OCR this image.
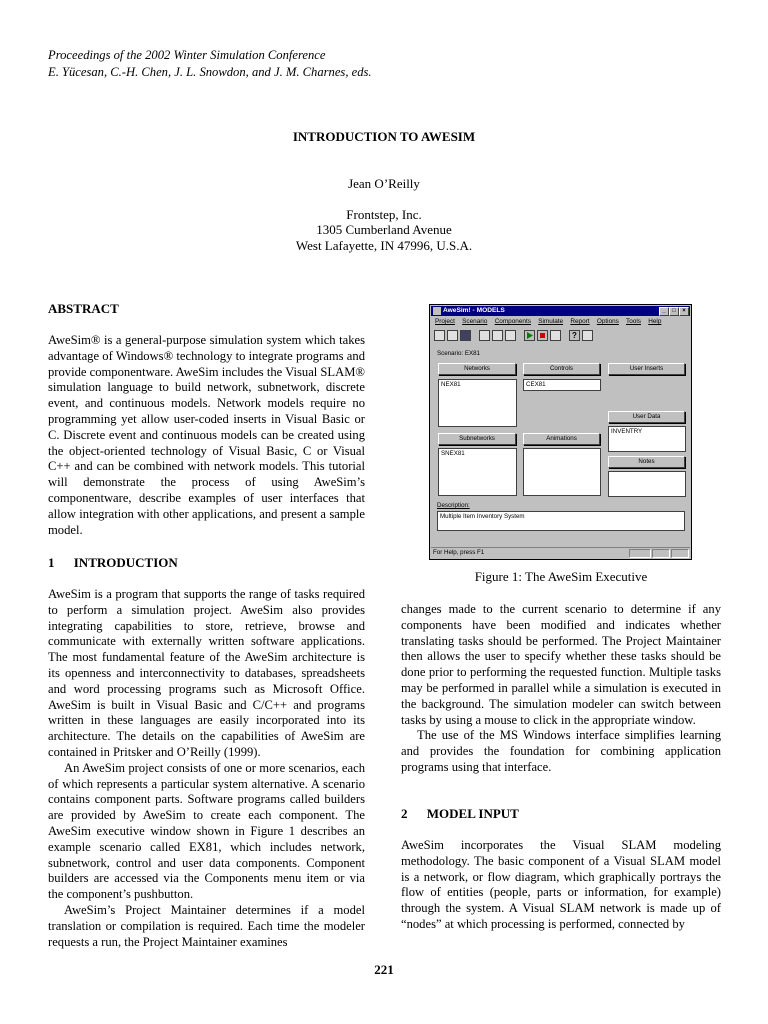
Proceedings of the 2002 Winter Simulation Conference
E. Yücesan, C.-H. Chen, J. L. Snowdon, and J. M. Charnes, eds.
INTRODUCTION TO AWESIM
Jean O’Reilly
Frontstep, Inc.
1305 Cumberland Avenue
West Lafayette, IN 47996, U.S.A.
ABSTRACT

AweSim® is a general-purpose simulation system which takes advantage of Windows® technology to integrate programs and provide componentware. AweSim includes the Visual SLAM® simulation language to build network, subnetwork, discrete event, and continuous models. Network models require no programming yet allow user-coded inserts in Visual Basic or C. Discrete event and continuous models can be created using the object-oriented technology of Visual Basic, C or Visual C++ and can be combined with network models. This tutorial will demonstrate the process of using AweSim’s componentware, describe examples of user interfaces that allow integration with other applications, and present a sample model.

1 INTRODUCTION

AweSim is a program that supports the range of tasks required to perform a simulation project. AweSim also provides integrating capabilities to store, retrieve, browse and communicate with externally written software applications. The most fundamental feature of the AweSim architecture is its openness and interconnectivity to databases, spreadsheets and word processing programs such as Microsoft Office. AweSim is built in Visual Basic and C/C++ and programs written in these languages are easily incorporated into its architecture. The details on the capabilities of AweSim are contained in Pritsker and O’Reilly (1999).

An AweSim project consists of one or more scenarios, each of which represents a particular system alternative. A scenario contains component parts. Software programs called builders are provided by AweSim to create each component. The AweSim executive window shown in Figure 1 describes an example scenario called EX81, which includes network, subnetwork, control and user data components. Component builders are accessed via the Components menu item or via the component’s pushbutton.

AweSim’s Project Maintainer determines if a model translation or compilation is required. Each time the modeler requests a run, the Project Maintainer examines

AweSim! - MODELS	_	□	×
Project Scenario Components Simulate Report Options Tools Help
?
Scenario: EX81
Networks	Controls	User Inserts
NEX81	CEX81
User Data
INVENTRY
Subnetworks	Animations
SNEX81
Notes
Description:
Multiple Item Inventory System
For Help, press F1
Figure 1: The AweSim Executive

changes made to the current scenario to determine if any components have been modified and indicates whether translating tasks should be performed. The Project Maintainer then allows the user to specify whether these tasks should be done prior to performing the requested function. Multiple tasks may be performed in parallel while a simulation is executed in the background. The simulation modeler can switch between tasks by using a mouse to click in the appropriate window.

The use of the MS Windows interface simplifies learning and provides the foundation for combining application programs using that interface.

2 MODEL INPUT

AweSim incorporates the Visual SLAM modeling methodology. The basic component of a Visual SLAM model is a network, or flow diagram, which graphically portrays the flow of entities (people, parts or information, for example) through the system. A Visual SLAM network is made up of “nodes” at which processing is performed, connected by

221
